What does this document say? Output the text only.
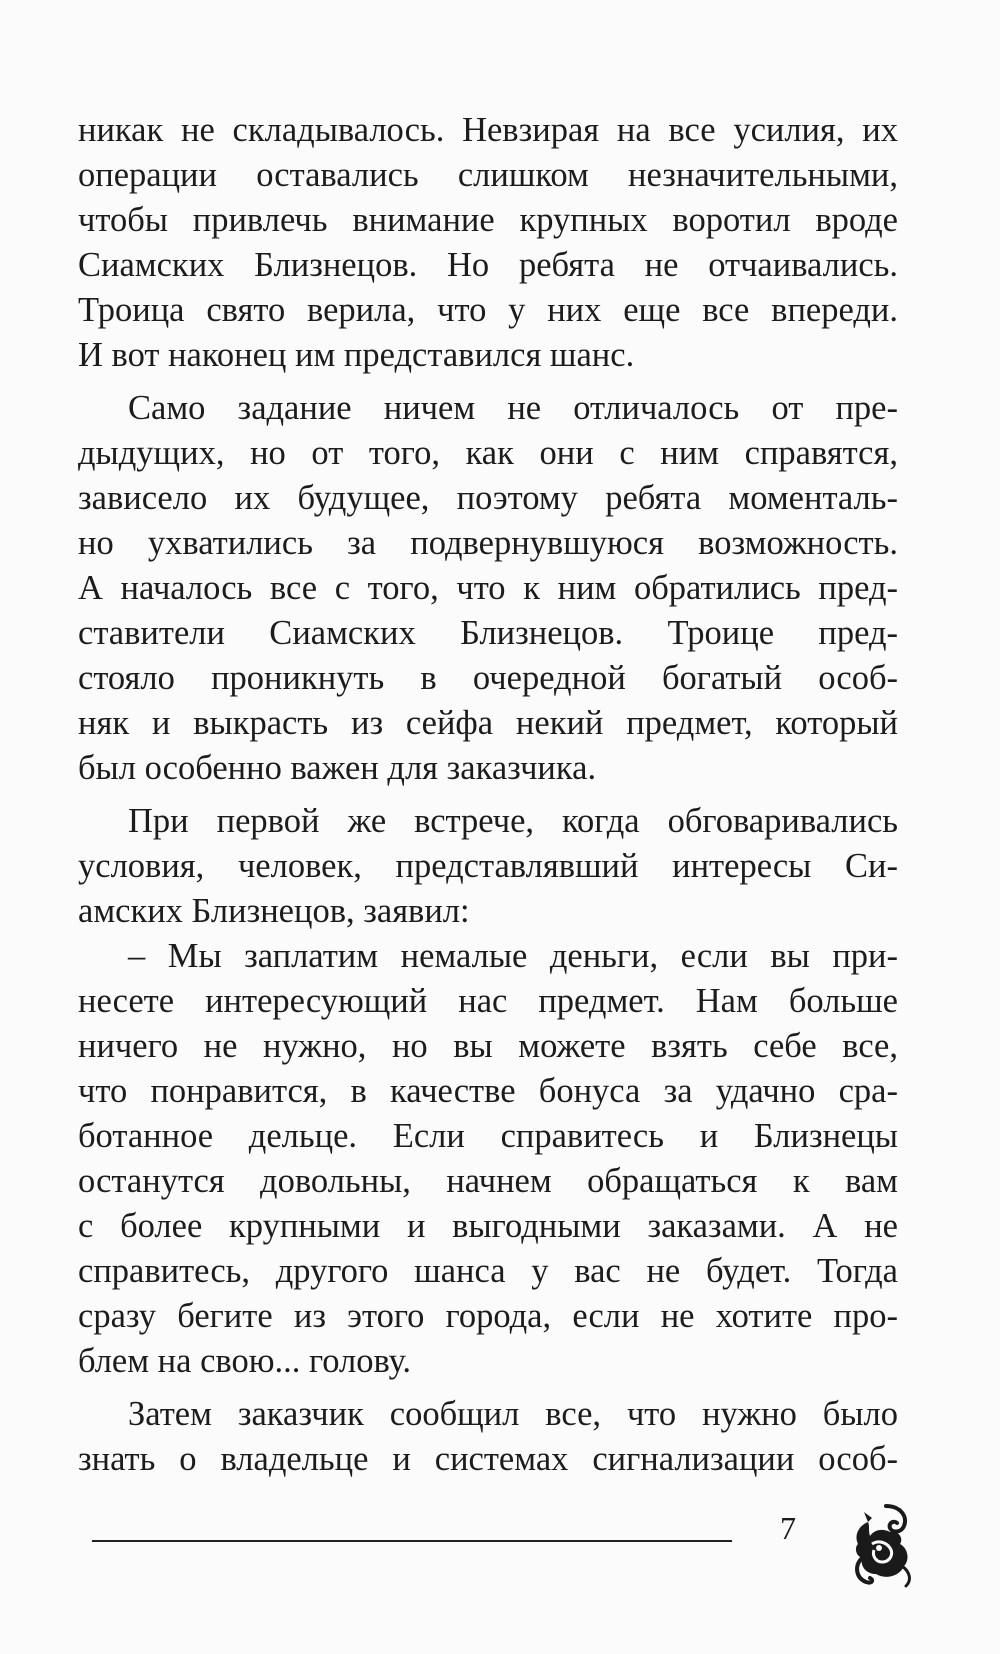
никак не складывалось. Невзирая на все усилия, их
операции оставались слишком незначительными,
чтобы привлечь внимание крупных воротил вроде
Сиамских Близнецов. Но ребята не отчаивались.
Троица свято верила, что у них еще все впереди.
И вот наконец им представился шанс.
Само задание ничем не отличалось от пре-
дыдущих, но от того, как они с ним справятся,
зависело их будущее, поэтому ребята моменталь-
но ухватились за подвернувшуюся возможность.
А началось все с того, что к ним обратились пред-
ставители Сиамских Близнецов. Троице пред-
стояло проникнуть в очередной богатый особ-
няк и выкрасть из сейфа некий предмет, который
был особенно важен для заказчика.
При первой же встрече, когда обговаривались
условия, человек, представлявший интересы Си-
амских Близнецов, заявил:
– Мы заплатим немалые деньги, если вы при-
несете интересующий нас предмет. Нам больше
ничего не нужно, но вы можете взять себе все,
что понравится, в качестве бонуса за удачно сра-
ботанное дельце. Если справитесь и Близнецы
останутся довольны, начнем обращаться к вам
с более крупными и выгодными заказами. А не
справитесь, другого шанса у вас не будет. Тогда
сразу бегите из этого города, если не хотите про-
блем на свою... голову.
Затем заказчик сообщил все, что нужно было
знать о владельце и системах сигнализации особ-
7
